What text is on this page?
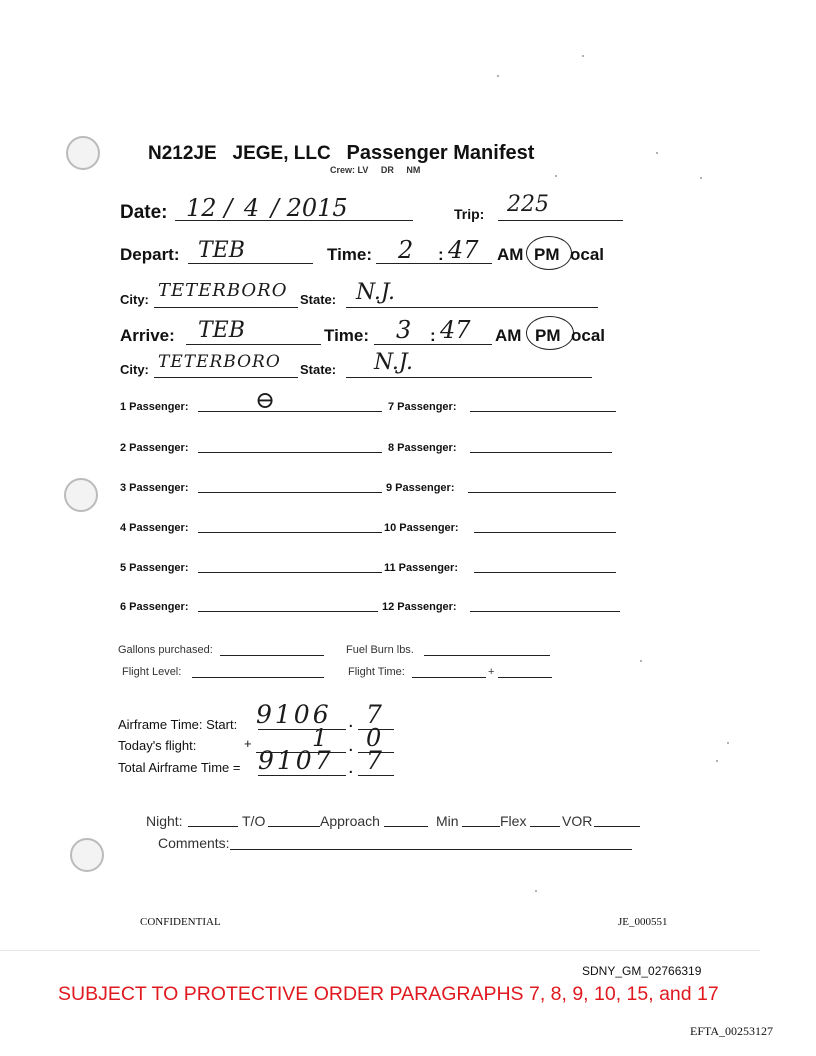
N212JE JEGE, LLC Passenger Manifest
Crew: LV DR NM
Date: 12 / 4 / 2015	Trip: 225
Depart: TEB	Time: 2 : 47 AM PM ocal
City: TETERBORO State: N.J.
Arrive: TEB	Time: 3 : 47 AM PM ocal
City: TETERBORO State: N.J.
1 Passenger:	⊖	7 Passenger:
2 Passenger:	8 Passenger:
3 Passenger:	9 Passenger:
4 Passenger:	10 Passenger:
5 Passenger:	11 Passenger:
6 Passenger:	12 Passenger:
Gallons purchased:	Fuel Burn lbs.
Flight Level:	Flight Time:	+
Airframe Time: Start: 9106 . 7
Today's flight:	+	1 . 0
Total Airframe Time = 9107 . 7
Night:	T/O	Approach	Min	Flex	VOR
Comments:
CONFIDENTIAL	JE_000551
SDNY_GM_02766319
SUBJECT TO PROTECTIVE ORDER PARAGRAPHS 7, 8, 9, 10, 15, and 17
EFTA_00253127
